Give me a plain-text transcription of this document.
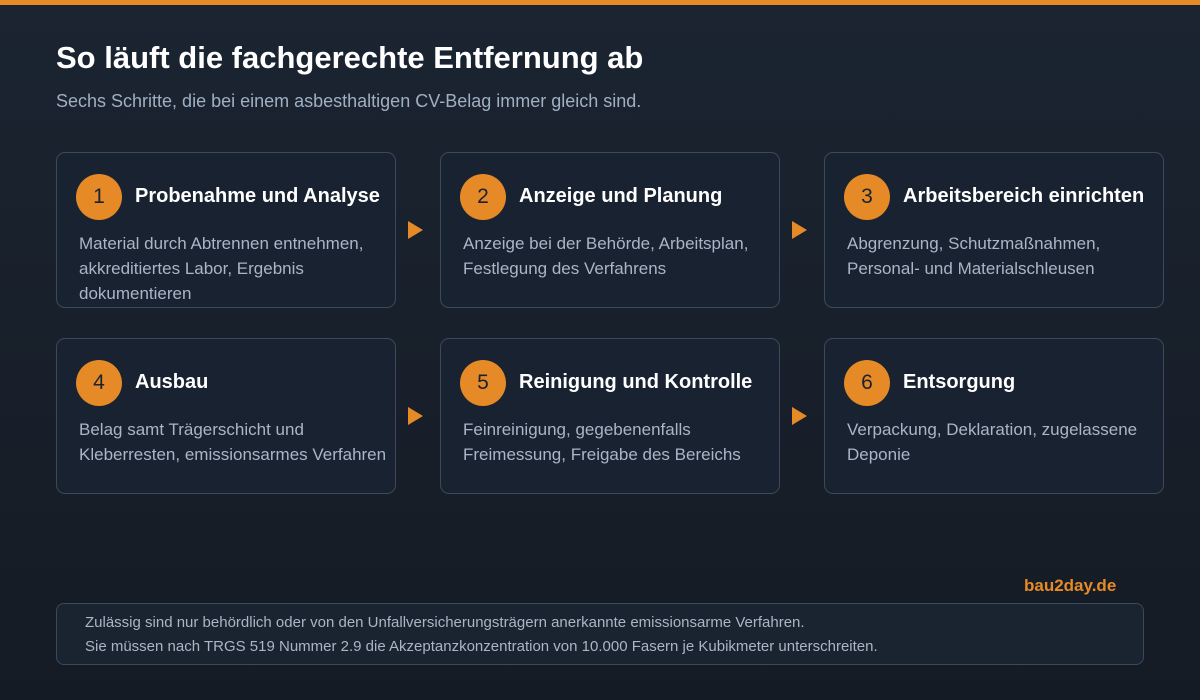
So läuft die fachgerechte Entfernung ab
Sechs Schritte, die bei einem asbesthaltigen CV-Belag immer gleich sind.
1	Probenahme und Analyse
Material durch Abtrennen entnehmen, akkreditiertes Labor, Ergebnis dokumentieren
2	Anzeige und Planung
Anzeige bei der Behörde, Arbeitsplan, Festlegung des Verfahrens
3	Arbeitsbereich einrichten
Abgrenzung, Schutzmaßnahmen, Personal- und Materialschleusen
4	Ausbau
Belag samt Trägerschicht und Kleberresten, emissionsarmes Verfahren
5	Reinigung und Kontrolle
Feinreinigung, gegebenenfalls Freimessung, Freigabe des Bereichs
6	Entsorgung
Verpackung, Deklaration, zugelassene Deponie
bau2day.de
Zulässig sind nur behördlich oder von den Unfallversicherungsträgern anerkannte emissionsarme Verfahren.
Sie müssen nach TRGS 519 Nummer 2.9 die Akzeptanzkonzentration von 10.000 Fasern je Kubikmeter unterschreiten.
